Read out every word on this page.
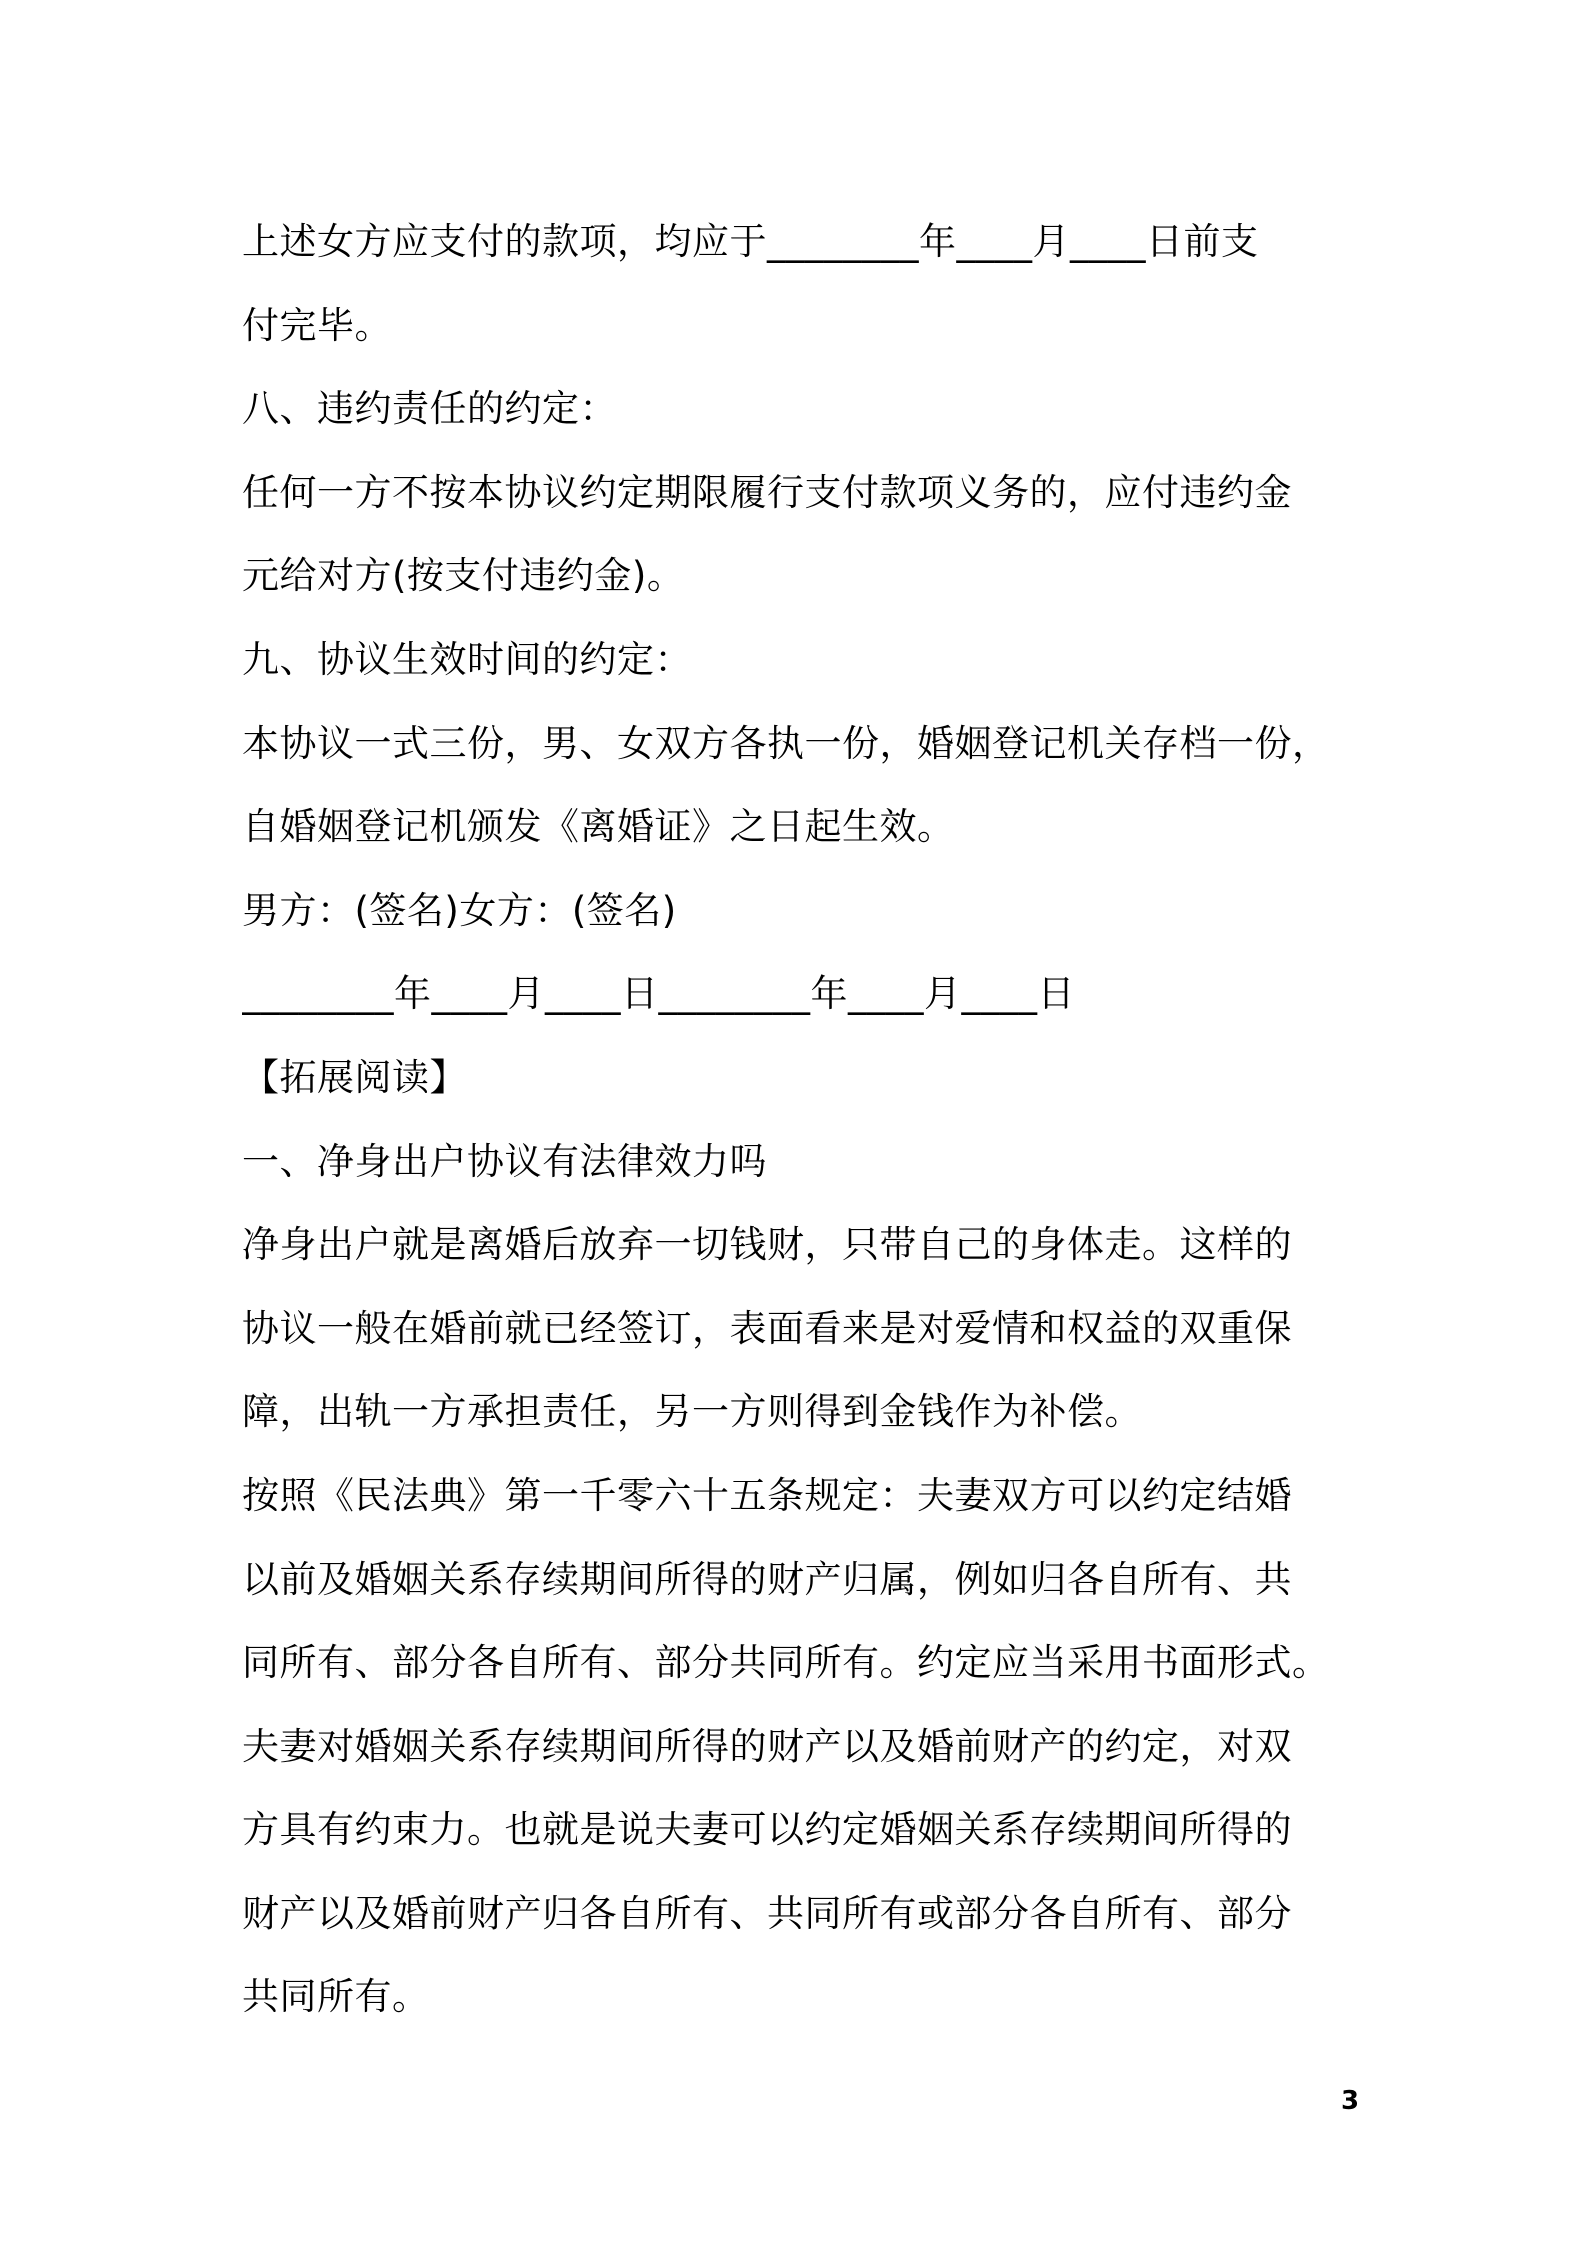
上述女方应支付的款项，均应于________年____月____日前支
付完毕。
八、违约责任的约定：
任何一方不按本协议约定期限履行支付款项义务的，应付违约金
元给对方(按支付违约金)。
九、协议生效时间的约定：
本协议一式三份，男、女双方各执一份，婚姻登记机关存档一份，
自婚姻登记机颁发《离婚证》之日起生效。
男方：(签名)女方：(签名)
________年____月____日________年____月____日
【拓展阅读】
一、净身出户协议有法律效力吗
净身出户就是离婚后放弃一切钱财，只带自己的身体走。这样的
协议一般在婚前就已经签订，表面看来是对爱情和权益的双重保
障，出轨一方承担责任，另一方则得到金钱作为补偿。
按照《民法典》第一千零六十五条规定：夫妻双方可以约定结婚
以前及婚姻关系存续期间所得的财产归属，例如归各自所有、共
同所有、部分各自所有、部分共同所有。约定应当采用书面形式。
夫妻对婚姻关系存续期间所得的财产以及婚前财产的约定，对双
方具有约束力。也就是说夫妻可以约定婚姻关系存续期间所得的
财产以及婚前财产归各自所有、共同所有或部分各自所有、部分
共同所有。
3
